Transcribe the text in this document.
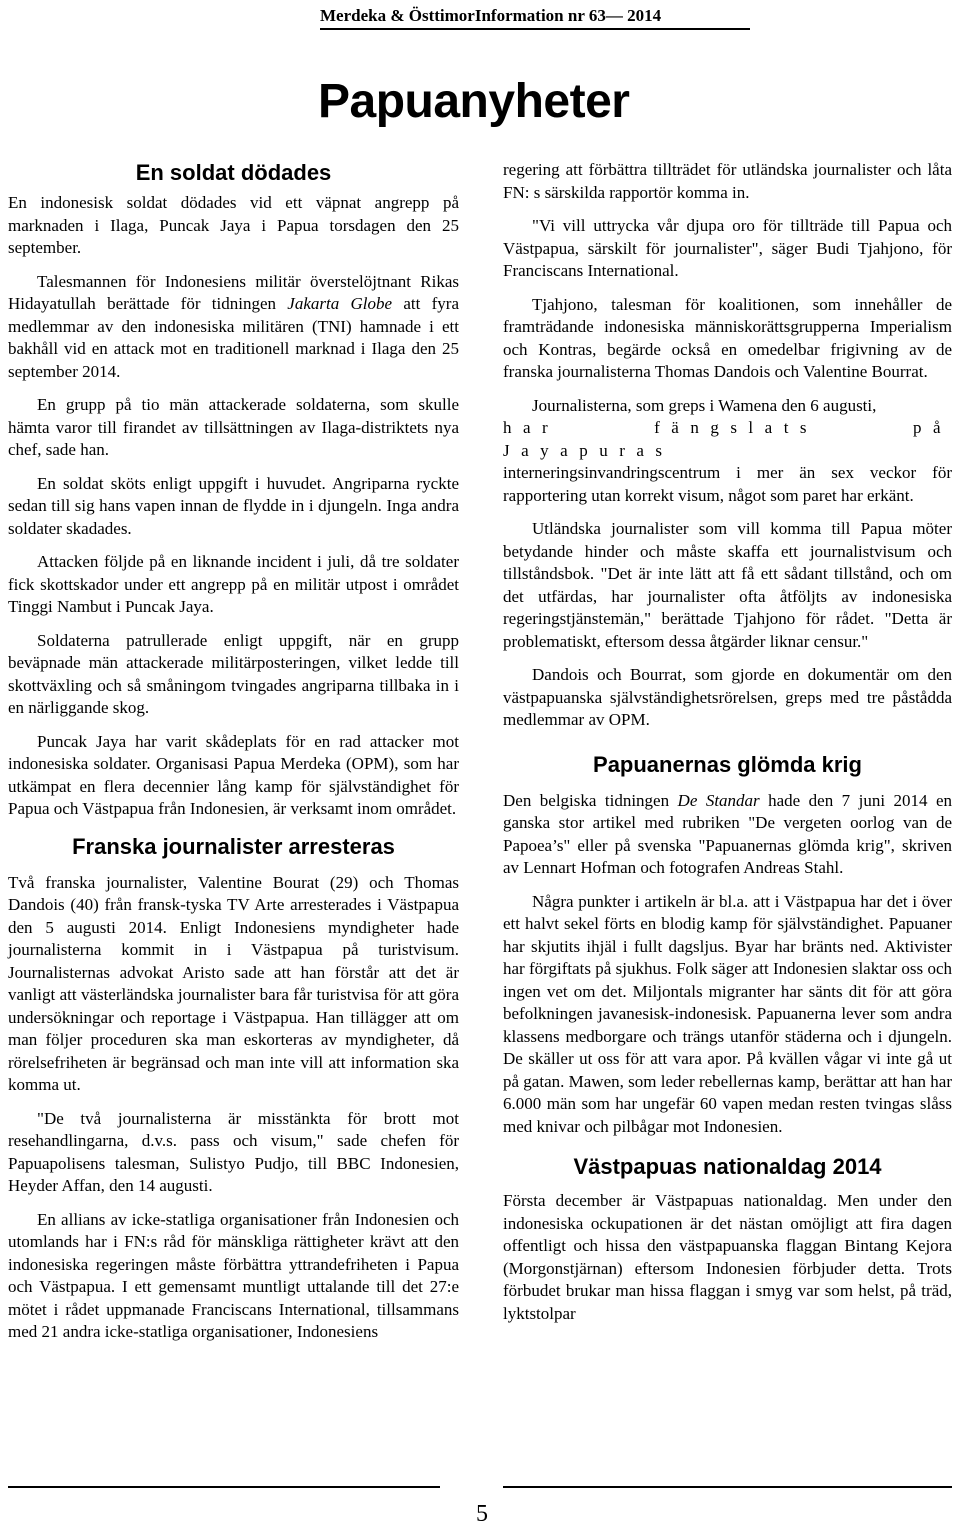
Merdeka & ÖsttimorInformation nr 63— 2014
Papuanyheter
En soldat dödades

En indonesisk soldat dödades vid ett väpnat angrepp på marknaden i Ilaga, Puncak Jaya i Papua torsdagen den 25 september.

Talesmannen för Indonesiens militär överstelöjtnant Rikas Hidayatullah berättade för tidningen Jakarta Globe att fyra medlemmar av den indonesiska militären (TNI) hamnade i ett bakhåll vid en attack mot en traditionell marknad i Ilaga den 25 september 2014.

En grupp på tio män attackerade soldaterna, som skulle hämta varor till firandet av tillsättningen av Ilaga-distriktets nya chef, sade han.

En soldat sköts enligt uppgift i huvudet. Angriparna ryckte sedan till sig hans vapen innan de flydde in i djungeln. Inga andra soldater skadades.

Attacken följde på en liknande incident i juli, då tre soldater fick skottskador under ett angrepp på en militär utpost i området Tinggi Nambut i Puncak Jaya.

Soldaterna patrullerade enligt uppgift, när en grupp beväpnade män attackerade militärposteringen, vilket ledde till skottväxling och så småningom tvingades angriparna tillbaka in i en närliggande skog.

Puncak Jaya har varit skådeplats för en rad attacker mot indonesiska soldater. Organisasi Papua Merdeka (OPM), som har utkämpat en flera decennier lång kamp för självständighet för Papua och Västpapua från Indonesien, är verksamt inom området.

Franska journalister arresteras

Två franska journalister, Valentine Bourat (29) och Thomas Dandois (40) från fransk-tyska TV Arte arresterades i Västpapua den 5 augusti 2014. Enligt Indonesiens myndigheter hade journalisterna kommit in i Västpapua på turistvisum. Journalisternas advokat Aristo sade att han förstår att det är vanligt att västerländska journalister bara får turistvisa för att göra undersökningar och reportage i Västpapua. Han tillägger att om man följer proceduren ska man eskorteras av myndigheter, då rörelsefriheten är begränsad och man inte vill att information ska komma ut.

"De två journalisterna är misstänkta för brott mot resehandlingarna, d.v.s. pass och visum," sade chefen för Papuapolisens talesman, Sulistyo Pudjo, till BBC Indonesien, Heyder Affan, den 14 augusti.

En allians av icke-statliga organisationer från Indonesien och utomlands har i FN:s råd för mänskliga rättigheter krävt att den indonesiska regeringen måste förbättra yttrandefriheten i Papua och Västpapua. I ett gemensamt muntligt uttalande till det 27:e mötet i rådet uppmanade Franciscans International, tillsammans med 21 andra icke-statliga organisationer, Indonesiens

regering att förbättra tillträdet för utländska journalister och låta FN: s särskilda rapportör komma in.

"Vi vill uttrycka vår djupa oro för tillträde till Papua och Västpapua, särskilt för journalister", säger Budi Tjahjono, för Franciscans International.

Tjahjono, talesman för koalitionen, som innehåller de framträdande indonesiska människorättsgrupperna Imperialism och Kontras, begärde också en omedelbar frigivning av de franska journalisterna Thomas Dandois och Valentine Bourrat.

Journalisterna, som greps i Wamena den 6 augusti,
har fängslats på Jayapuras
interneringsinvandringscentrum i mer än sex veckor för rapportering utan korrekt visum, något som paret har erkänt.

Utländska journalister som vill komma till Papua möter betydande hinder och måste skaffa ett journalistvisum och tillståndsbok. "Det är inte lätt att få ett sådant tillstånd, och om det utfärdas, har journalister ofta åtföljts av indonesiska regeringstjänstemän," berättade Tjahjono för rådet. "Detta är problematiskt, eftersom dessa åtgärder liknar censur."

Dandois och Bourrat, som gjorde en dokumentär om den västpapuanska självständighetsrörelsen, greps med tre påstådda medlemmar av OPM.

Papuanernas glömda krig

Den belgiska tidningen De Standar hade den 7 juni 2014 en ganska stor artikel med rubriken "De vergeten oorlog van de Papoea’s" eller på svenska "Papuanernas glömda krig", skriven av Lennart Hofman och fotografen Andreas Stahl.

Några punkter i artikeln är bl.a. att i Västpapua har det i över ett halvt sekel förts en blodig kamp för självständighet. Papuaner har skjutits ihjäl i fullt dagsljus. Byar har bränts ned. Aktivister har förgiftats på sjukhus. Folk säger att Indonesien slaktar oss och ingen vet om det. Miljontals migranter har sänts dit för att göra befolkningen javanesisk-indonesisk. Papuanerna lever som andra klassens medborgare och trängs utanför städerna och i djungeln. De skäller ut oss för att vara apor. På kvällen vågar vi inte gå ut på gatan. Mawen, som leder rebellernas kamp, berättar att han har 6.000 män som har ungefär 60 vapen medan resten tvingas slåss med knivar och pilbågar mot Indonesien.

Västpapuas nationaldag 2014

Första december är Västpapuas nationaldag. Men under den indonesiska ockupationen är det nästan omöjligt att fira dagen offentligt och hissa den västpapuanska flaggan Bintang Kejora (Morgonstjärnan) eftersom Indonesien förbjuder detta. Trots förbudet brukar man hissa flaggan i smyg var som helst, på träd, lyktstolpar

5
